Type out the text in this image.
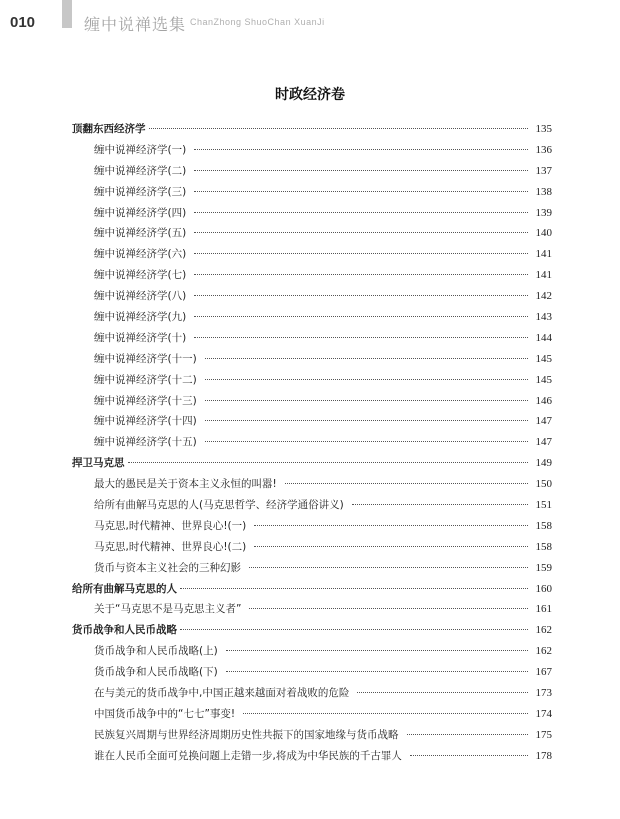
010	缠中说禅选集 ChanZhong ShuoChan XuanJi
时政经济卷
顶翻东西经济学	135
缠中说禅经济学(一)	136
缠中说禅经济学(二)	137
缠中说禅经济学(三)	138
缠中说禅经济学(四)	139
缠中说禅经济学(五)	140
缠中说禅经济学(六)	141
缠中说禅经济学(七)	141
缠中说禅经济学(八)	142
缠中说禅经济学(九)	143
缠中说禅经济学(十)	144
缠中说禅经济学(十一)	145
缠中说禅经济学(十二)	145
缠中说禅经济学(十三)	146
缠中说禅经济学(十四)	147
缠中说禅经济学(十五)	147
捍卫马克思	149
最大的愚民是关于资本主义永恒的叫嚣!	150
给所有曲解马克思的人(马克思哲学、经济学通俗讲义)	151
马克思,时代精神、世界良心!(一)	158
马克思,时代精神、世界良心!(二)	158
货币与资本主义社会的三种幻影	159
给所有曲解马克思的人	160
关于“马克思不是马克思主义者”	161
货币战争和人民币战略	162
货币战争和人民币战略(上)	162
货币战争和人民币战略(下)	167
在与美元的货币战争中,中国正越来越面对着战败的危险	173
中国货币战争中的“七七”事变!	174
民族复兴周期与世界经济周期历史性共振下的国家地缘与货币战略	175
谁在人民币全面可兑换问题上走错一步,将成为中华民族的千古罪人	178
